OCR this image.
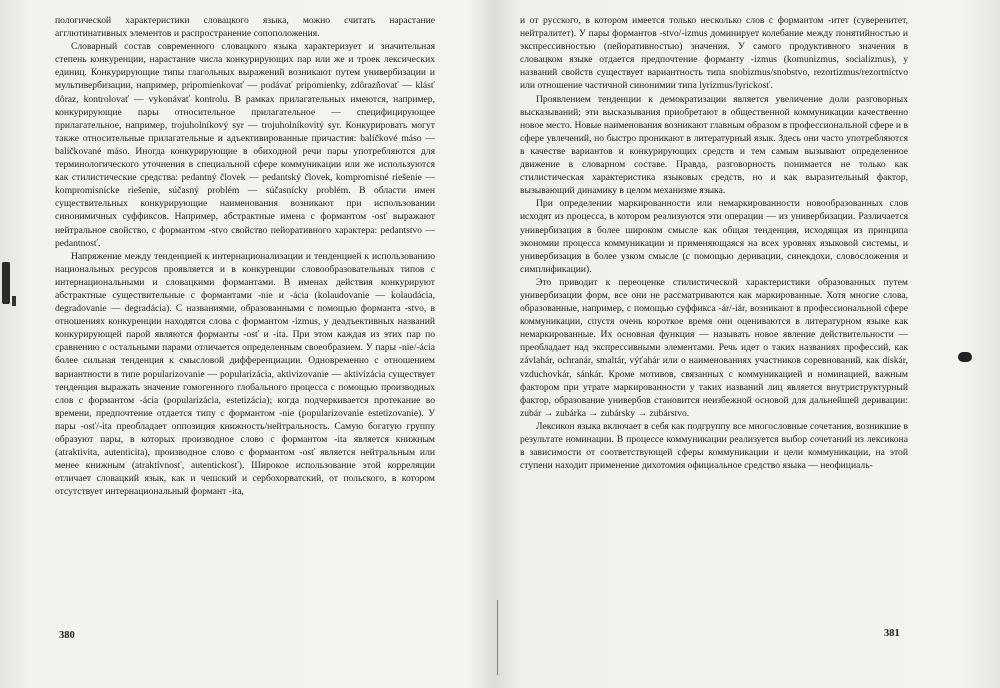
пологической характеристики словацкого языка, можно считать нарастание агглютинативных элементов и распространение сопоположения.

Словарный состав современного словацкого языка характеризует и значительная степень конкуренции, нарастание числа конкурирующих пар или же и троек лексических единиц. Конкурирующие типы глагольных выражений возникают путем универбизации и мультивербизации, например, pripomienkovať — podávať pripomienky, zdôrazňovať — klásť dôraz, kontrolovať — vykonávať kontrolu. В рамках прилагательных имеются, например, конкурирующие пары относительное прилагательное — специфицирующее прилагательное, например, trojuholníkový syr — trojuholníkovitý syr. Конкурировать могут также относительные прилагательные и адъективированные причастия: balíčkové máso — balíčkované máso. Иногда конкурирующие в обиходной речи пары употребляются для терминологического уточнения в специальной сфере коммуникации или же используются как стилистические средства: pedantný človek — pedantský človek, kompromisné riešenie — kompromisnícke riešenie, súčasný problém — súčasnícky problém. В области имен существительных конкурирующие наименования возникают при использовании синонимичных суффиксов. Например, абстрактные имена с формантом -osť выражают нейтральное свойство, с формантом -stvo свойство пейоративного характера: pedantstvo — pedantnosť.

Напряжение между тенденцией к интернационализации и тенденцией к использованию национальных ресурсов проявляется и в конкуренции словообразовательных типов с интернациональными и словацкими формантами. В именах действия конкурируют абстрактные существительные с формантами -nie и -ácia (kolaudovanie — kolaudácia, degradovanie — degradácia). С названиями, образованными с помощью форманта -stvo, в отношениях конкуренции находятся слова с формантом -izmus, у деадъективных названий конкурирующей парой являются форманты -osť и -ita. При этом каждая из этих пар по сравнению с остальными парами отличается определенным своеобразием. У пары -nie/-ácia более сильная тенденция к смысловой дифференциации. Одновременно с отношением вариантности в типе popularizovanie — popularizácia, aktivizovanie — aktivizácia существует тенденция выражать значение гомогенного глобального процесса с помощью производных слов с формантом -ácia (popularizácia, estetizácia); когда подчеркивается протекание во времени, предпочтение отдается типу с формантом -nie (popularizovanie estetizovanie). У пары -osť/-ita преобладает оппозиция книжность/нейтральность. Самую богатую группу образуют пары, в которых производное слово с формантом -ita является книжным (atraktivita, autenticita), производное слово с формантом -osť является нейтральным или менее книжным (atraktívnosť, autentickosť). Широкое использование этой корреляции отличает словацкий язык, как и чешский и сербохорватский, от польского, в котором отсутствует интернациональный формант -ita,

380

и от русского, в котором имеется только несколько слов с формантом -итет (суверенитет, нейтралитет). У пары формантов -stvo/-izmus доминирует колебание между понятийностью и экспрессивностью (пейоративностью) значения. У самого продуктивного значения в словацком языке отдается предпочтение форманту -izmus (komunizmus, socializmus), у названий свойств существует вариантность типа snobizmus/snobstvo, rezortizmus/rezortníctvo или отношение частичной синонимии типа lyrizmus/lyrickosť.

Проявлением тенденции к демократизации является увеличение доли разговорных высказываний; эти высказывания приобретают в общественной коммуникации качественно новое место. Новые наименования возникают главным образом в профессиональной сфере и в сфере увлечений, но быстро проникают в литературный язык. Здесь они часто употребляются в качестве вариантов и конкурирующих средств и тем самым вызывают определенное движение в словарном составе. Правда, разговорность понимается не только как стилистическая характеристика языковых средств, но и как выразительный фактор, вызывающий динамику в целом механизме языка.

При определении маркированности или немаркированности новообразованных слов исходят из процесса, в котором реализуются эти операции — из универбизации. Различается универбизация в более широком смысле как общая тенденция, исходящая из принципа экономии процесса коммуникации и применяющаяся на всех уровнях языковой системы, и универбизация в более узком смысле (с помощью деривации, синекдохи, словосложения и симплификации).

Это приводит к переоценке стилистической характеристики образованных путем универбизации форм, все они не рассматриваются как маркированные. Хотя многие слова, образованные, например, с помощью суффикса -ár/-iár, возникают в профессиональной сфере коммуникации, спустя очень короткое время они оцениваются в литературном языке как немаркированные. Их основная функция — называть новое явление действительности — преобладает над экспрессивными элементами. Речь идет о таких названиях профессий, как závlahár, ochranár, smaltár, výťahár или о наименованиях участников соревнований, как diskár, vzduchovkár, sánkár. Кроме мотивов, связанных с коммуникацией и номинацией, важным фактором при утрате маркированности у таких названий лиц является внутриструктурный фактор, образование универбов становится неизбежной основой для дальнейшей деривации: zubár → zubárka → zubársky → zubárstvo.

Лексикон языка включает в себя как подгруппу все многословные сочетания, возникшие в результате номинации. В процессе коммуникации реализуется выбор сочетаний из лексикона в зависимости от соответствующей сферы коммуникации и цели коммуникации, на этой ступени находит применение дихотомия официальное средство языка — неофициаль-

381
